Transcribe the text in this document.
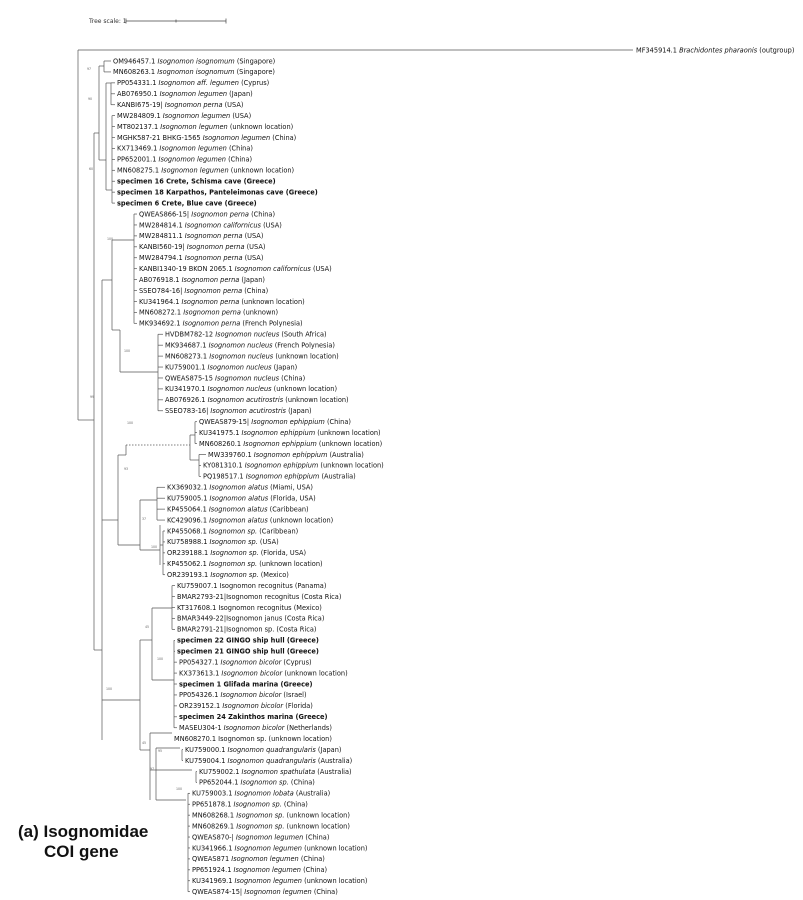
Tree scale: 1
MF345914.1 Brachidontes pharaonis (outgroup)
97
90
60
100
100
100
93
37
100
100
45
100
45
97
95
100
99
OM946457.1 Isognomon isognomum (Singapore)
MN608263.1 Isognomon isognomum (Singapore)
PP054331.1 Isognomon aff. legumen (Cyprus)
AB076950.1 Isognomon legumen (Japan)
KANBI675-19| Isognomon perna (USA)
MW284809.1 Isognomon legumen (USA)
MT802137.1 Isognomon legumen (unknown location)
MGHK587-21 BHKG-1565 Isognomon legumen (China)
KX713469.1 Isognomon legumen (China)
PP652001.1 Isognomon legumen (China)
MN608275.1 Isognomon legumen (unknown location)
specimen 16 Crete, Schisma cave (Greece)
specimen 18 Karpathos, Panteleimonas cave (Greece)
specimen 6 Crete, Blue cave (Greece)
QWEAS866-15| Isognomon perna (China)
MW284814.1 Isognomon californicus (USA)
MW284811.1 Isognomon perna (USA)
KANBI560-19| Isognomon perna (USA)
MW284794.1 Isognomon perna (USA)
KANBI1340-19 BKON 2065.1 Isognomon californicus (USA)
AB076918.1 Isognomon perna (Japan)
SSEO784-16| Isognomon perna (China)
KU341964.1 Isognomon perna (unknown location)
MN608272.1 Isognomon perna (unknown)
MK934692.1 Isognomon perna (French Polynesia)
HVDBM782-12 Isognomon nucleus (South Africa)
MK934687.1 Isognomon nucleus (French Polynesia)
MN608273.1 Isognomon nucleus (unknown location)
KU759001.1 Isognomon nucleus (Japan)
QWEAS875-15 Isognomon nucleus (China)
KU341970.1 Isognomon nucleus (unknown location)
AB076926.1 Isognomon acutirostris (unknown location)
SSEO783-16| Isognomon acutirostris (Japan)
QWEAS879-15| Isognomon ephippium (China)
KU341975.1 Isognomon ephippium (unknown location)
MN608260.1 Isognomon ephippium (unknown location)
MW339760.1 Isognomon ephippium (Australia)
KY081310.1 Isognomon ephippium (unknown location)
PQ198517.1 Isognomon ephippium (Australia)
KX369032.1 Isognomon alatus (Miami, USA)
KU759005.1 Isognomon alatus (Florida, USA)
KP455064.1 Isognomon alatus (Caribbean)
KC429096.1 Isognomon alatus (unknown location)
KP455068.1 Isognomon sp. (Caribbean)
KU758988.1 Isognomon sp. (USA)
OR239188.1 Isognomon sp. (Florida, USA)
KP455062.1 Isognomon sp. (unknown location)
OR239193.1 Isognomon sp. (Mexico)
KU759007.1 Isognomon recognitus (Panama)
BMAR2793-21|Isognomon recognitus (Costa Rica)
KT317608.1 Isognomon recognitus (Mexico)
BMAR3449-22|Isognomon janus (Costa Rica)
BMAR2791-21|Isognomon sp. (Costa Rica)
specimen 22 GINGO ship hull (Greece)
specimen 21 GINGO ship hull (Greece)
PP054327.1 Isognomon bicolor (Cyprus)
KX373613.1 Isognomon bicolor (unknown location)
specimen 1 Glifada marina (Greece)
PP054326.1 Isognomon bicolor (Israel)
OR239152.1 Isognomon bicolor (Florida)
specimen 24 Zakinthos marina (Greece)
MASEU304-1 Isognomon bicolor (Netherlands)
MN608270.1 Isognomon sp. (unknown location)
KU759000.1 Isognomon quadrangularis (Japan)
KU759004.1 Isognomon quadrangularis (Australia)
KU759002.1 Isognomon spathulata (Australia)
PP652044.1 Isognomon sp. (China)
KU759003.1 Isognomon lobata (Australia)
PP651878.1 Isognomon sp. (China)
MN608268.1 Isognomon sp. (unknown location)
MN608269.1 Isognomon sp. (unknown location)
QWEAS870-| Isognomon legumen (China)
KU341966.1 Isognomon legumen (unknown location)
QWEAS871 Isognomon legumen (China)
PP651924.1 Isognomon legumen (China)
KU341969.1 Isognomon legumen (unknown location)
QWEAS874-15| Isognomon legumen (China)
(a) Isognomidae
COI gene
